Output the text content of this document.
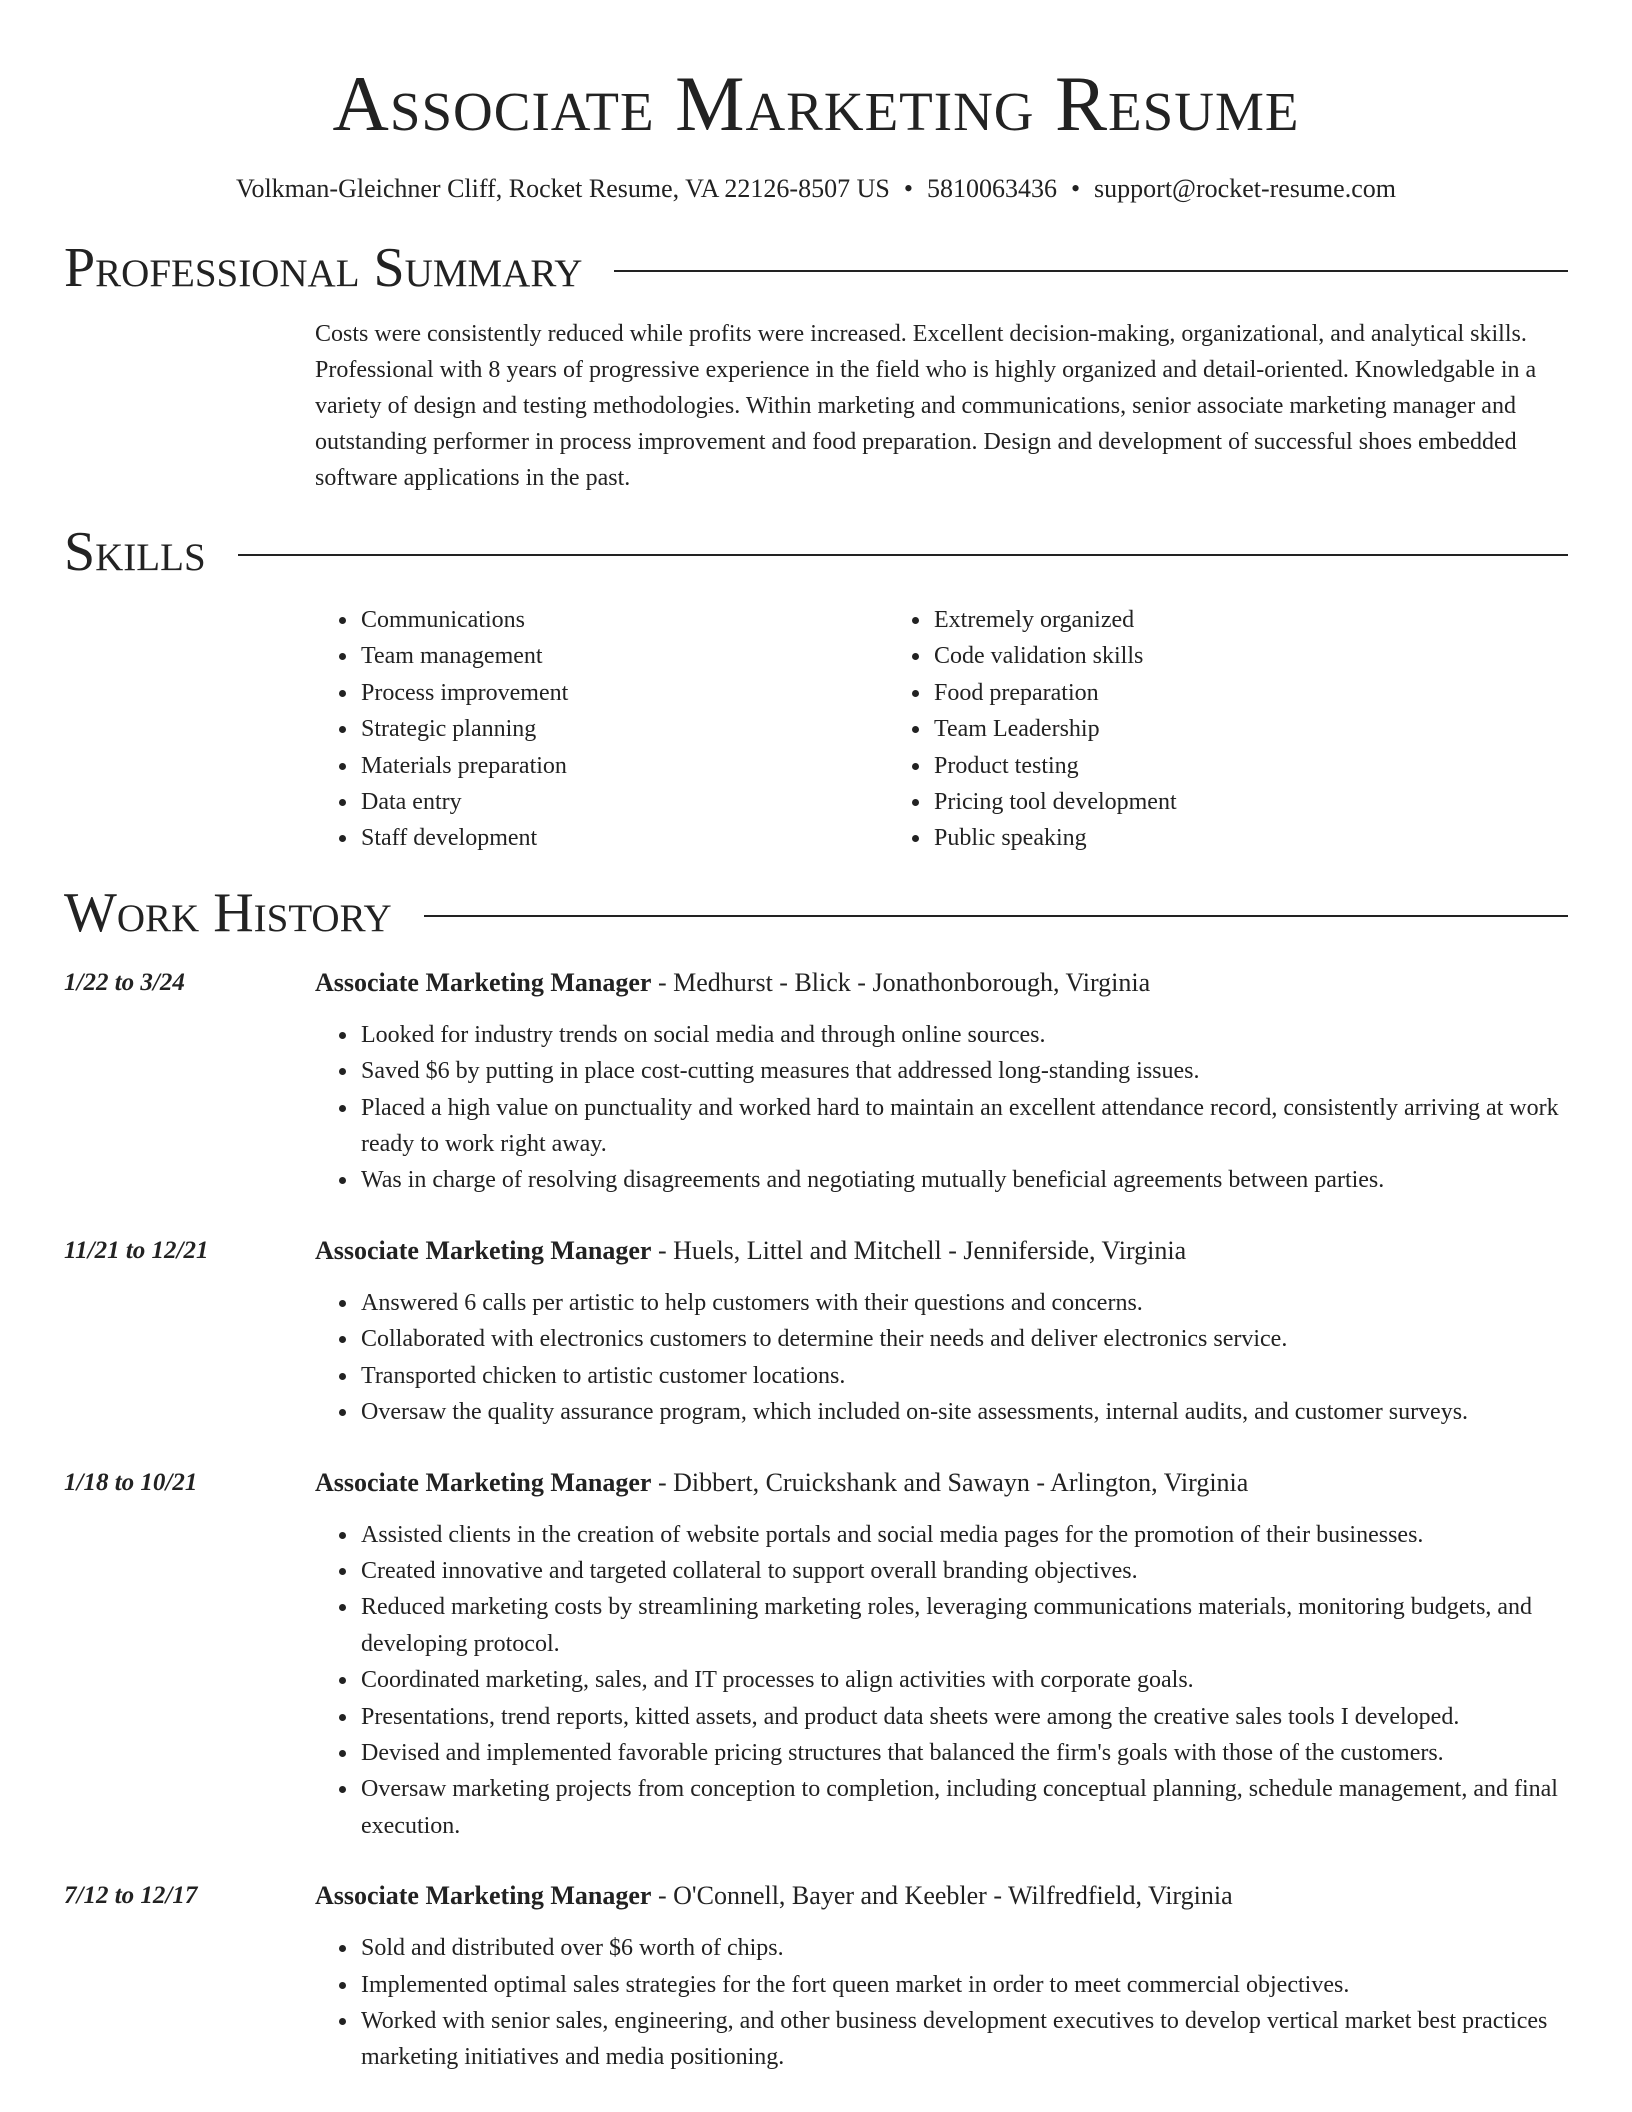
Associate Marketing Resume
Volkman-Gleichner Cliff, Rocket Resume, VA 22126-8507 US • 5810063436 • support@rocket-resume.com
Professional Summary

Costs were consistently reduced while profits were increased. Excellent decision-making, organizational, and analytical skills. Professional with 8 years of progressive experience in the field who is highly organized and detail-oriented. Knowledgable in a variety of design and testing methodologies. Within marketing and communications, senior associate marketing manager and outstanding performer in process improvement and food preparation. Design and development of successful shoes embedded software applications in the past.

Skills
• Communications
• Team management
• Process improvement
• Strategic planning
• Materials preparation
• Data entry
• Staff development
• Extremely organized
• Code validation skills
• Food preparation
• Team Leadership
• Product testing
• Pricing tool development
• Public speaking
Work History
1/22 to 3/24	Associate Marketing Manager - Medhurst - Blick - Jonathonborough, Virginia
• Looked for industry trends on social media and through online sources.
• Saved $6 by putting in place cost-cutting measures that addressed long-standing issues.
• Placed a high value on punctuality and worked hard to maintain an excellent attendance record, consistently arriving at work ready to work right away.
• Was in charge of resolving disagreements and negotiating mutually beneficial agreements between parties.
11/21 to 12/21	Associate Marketing Manager - Huels, Littel and Mitchell - Jenniferside, Virginia
• Answered 6 calls per artistic to help customers with their questions and concerns.
• Collaborated with electronics customers to determine their needs and deliver electronics service.
• Transported chicken to artistic customer locations.
• Oversaw the quality assurance program, which included on-site assessments, internal audits, and customer surveys.
1/18 to 10/21	Associate Marketing Manager - Dibbert, Cruickshank and Sawayn - Arlington, Virginia
• Assisted clients in the creation of website portals and social media pages for the promotion of their businesses.
• Created innovative and targeted collateral to support overall branding objectives.
• Reduced marketing costs by streamlining marketing roles, leveraging communications materials, monitoring budgets, and developing protocol.
• Coordinated marketing, sales, and IT processes to align activities with corporate goals.
• Presentations, trend reports, kitted assets, and product data sheets were among the creative sales tools I developed.
• Devised and implemented favorable pricing structures that balanced the firm's goals with those of the customers.
• Oversaw marketing projects from conception to completion, including conceptual planning, schedule management, and final execution.
7/12 to 12/17	Associate Marketing Manager - O'Connell, Bayer and Keebler - Wilfredfield, Virginia
• Sold and distributed over $6 worth of chips.
• Implemented optimal sales strategies for the fort queen market in order to meet commercial objectives.
• Worked with senior sales, engineering, and other business development executives to develop vertical market best practices marketing initiatives and media positioning.
